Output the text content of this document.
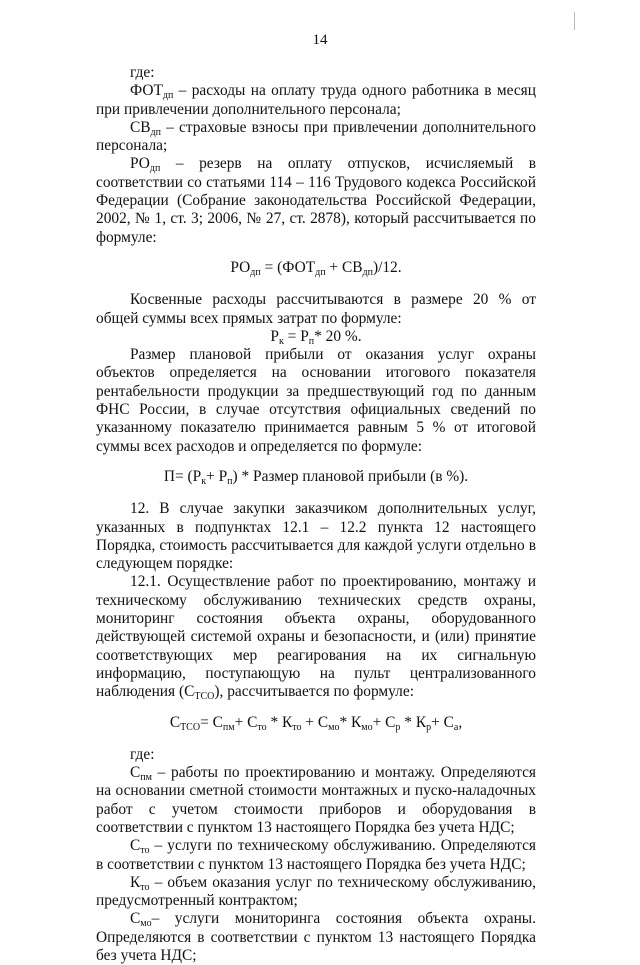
14

где:

$ФОТ_{дп}$ – расходы на оплату труда одного работника в месяц при привлечении дополнительного персонала;

$СВ_{дп}$ – страховые взносы при привлечении дополнительного персонала;

$РО_{дп}$ – резерв на оплату отпусков, исчисляемый в соответствии со статьями 114 – 116 Трудового кодекса Российской Федерации (Собрание законодательства Российской Федерации, 2002, № 1, ст. 3; 2006, № 27, ст. 2878), который рассчитывается по формуле:

$РО_{дп} = (ФОТ_{дп} + СВ_{дп})/12$.

Косвенные расходы рассчитываются в размере 20 % от общей суммы всех прямых затрат по формуле:

$Р_к = Р_п*$ 20 %.

Размер плановой прибыли от оказания услуг охраны объектов определяется на основании итогового показателя рентабельности продукции за предшествующий год по данным ФНС России, в случае отсутствия официальных сведений по указанному показателю принимается равным 5 % от итоговой суммы всех расходов и определяется по формуле:

$П= (Р_к+ Р_п)$ * Размер плановой прибыли (в %).

12. В случае закупки заказчиком дополнительных услуг, указанных в подпунктах 12.1 – 12.2 пункта 12 настоящего Порядка, стоимость рассчитывается для каждой услуги отдельно в следующем порядке:

12.1. Осуществление работ по проектированию, монтажу и техническому обслуживанию технических средств охраны, мониторинг состояния объекта охраны, оборудованного действующей системой охраны и безопасности, и (или) принятие соответствующих мер реагирования на их сигнальную информацию, поступающую на пульт централизованного наблюдения $(С_{ТСО})$, рассчитывается по формуле:

$С_{ТСО}= С_{пм}+ С_{то} * К_{то} + С_{мо}*$ $К_{мо}+ С_р * К_р+ С_а$,

где:

$С_{пм}$ – работы по проектированию и монтажу. Определяются на основании сметной стоимости монтажных и пуско-наладочных работ с учетом стоимости приборов и оборудования в соответствии с пунктом 13 настоящего Порядка без учета НДС;

$С_{то}$ – услуги по техническому обслуживанию. Определяются в соответствии с пунктом 13 настоящего Порядка без учета НДС;

$К_{то}$ – объем оказания услуг по техническому обслуживанию, предусмотренный контрактом;

$С_{мо}-$ услуги мониторинга состояния объекта охраны. Определяются в соответствии с пунктом 13 настоящего Порядка без учета НДС;
